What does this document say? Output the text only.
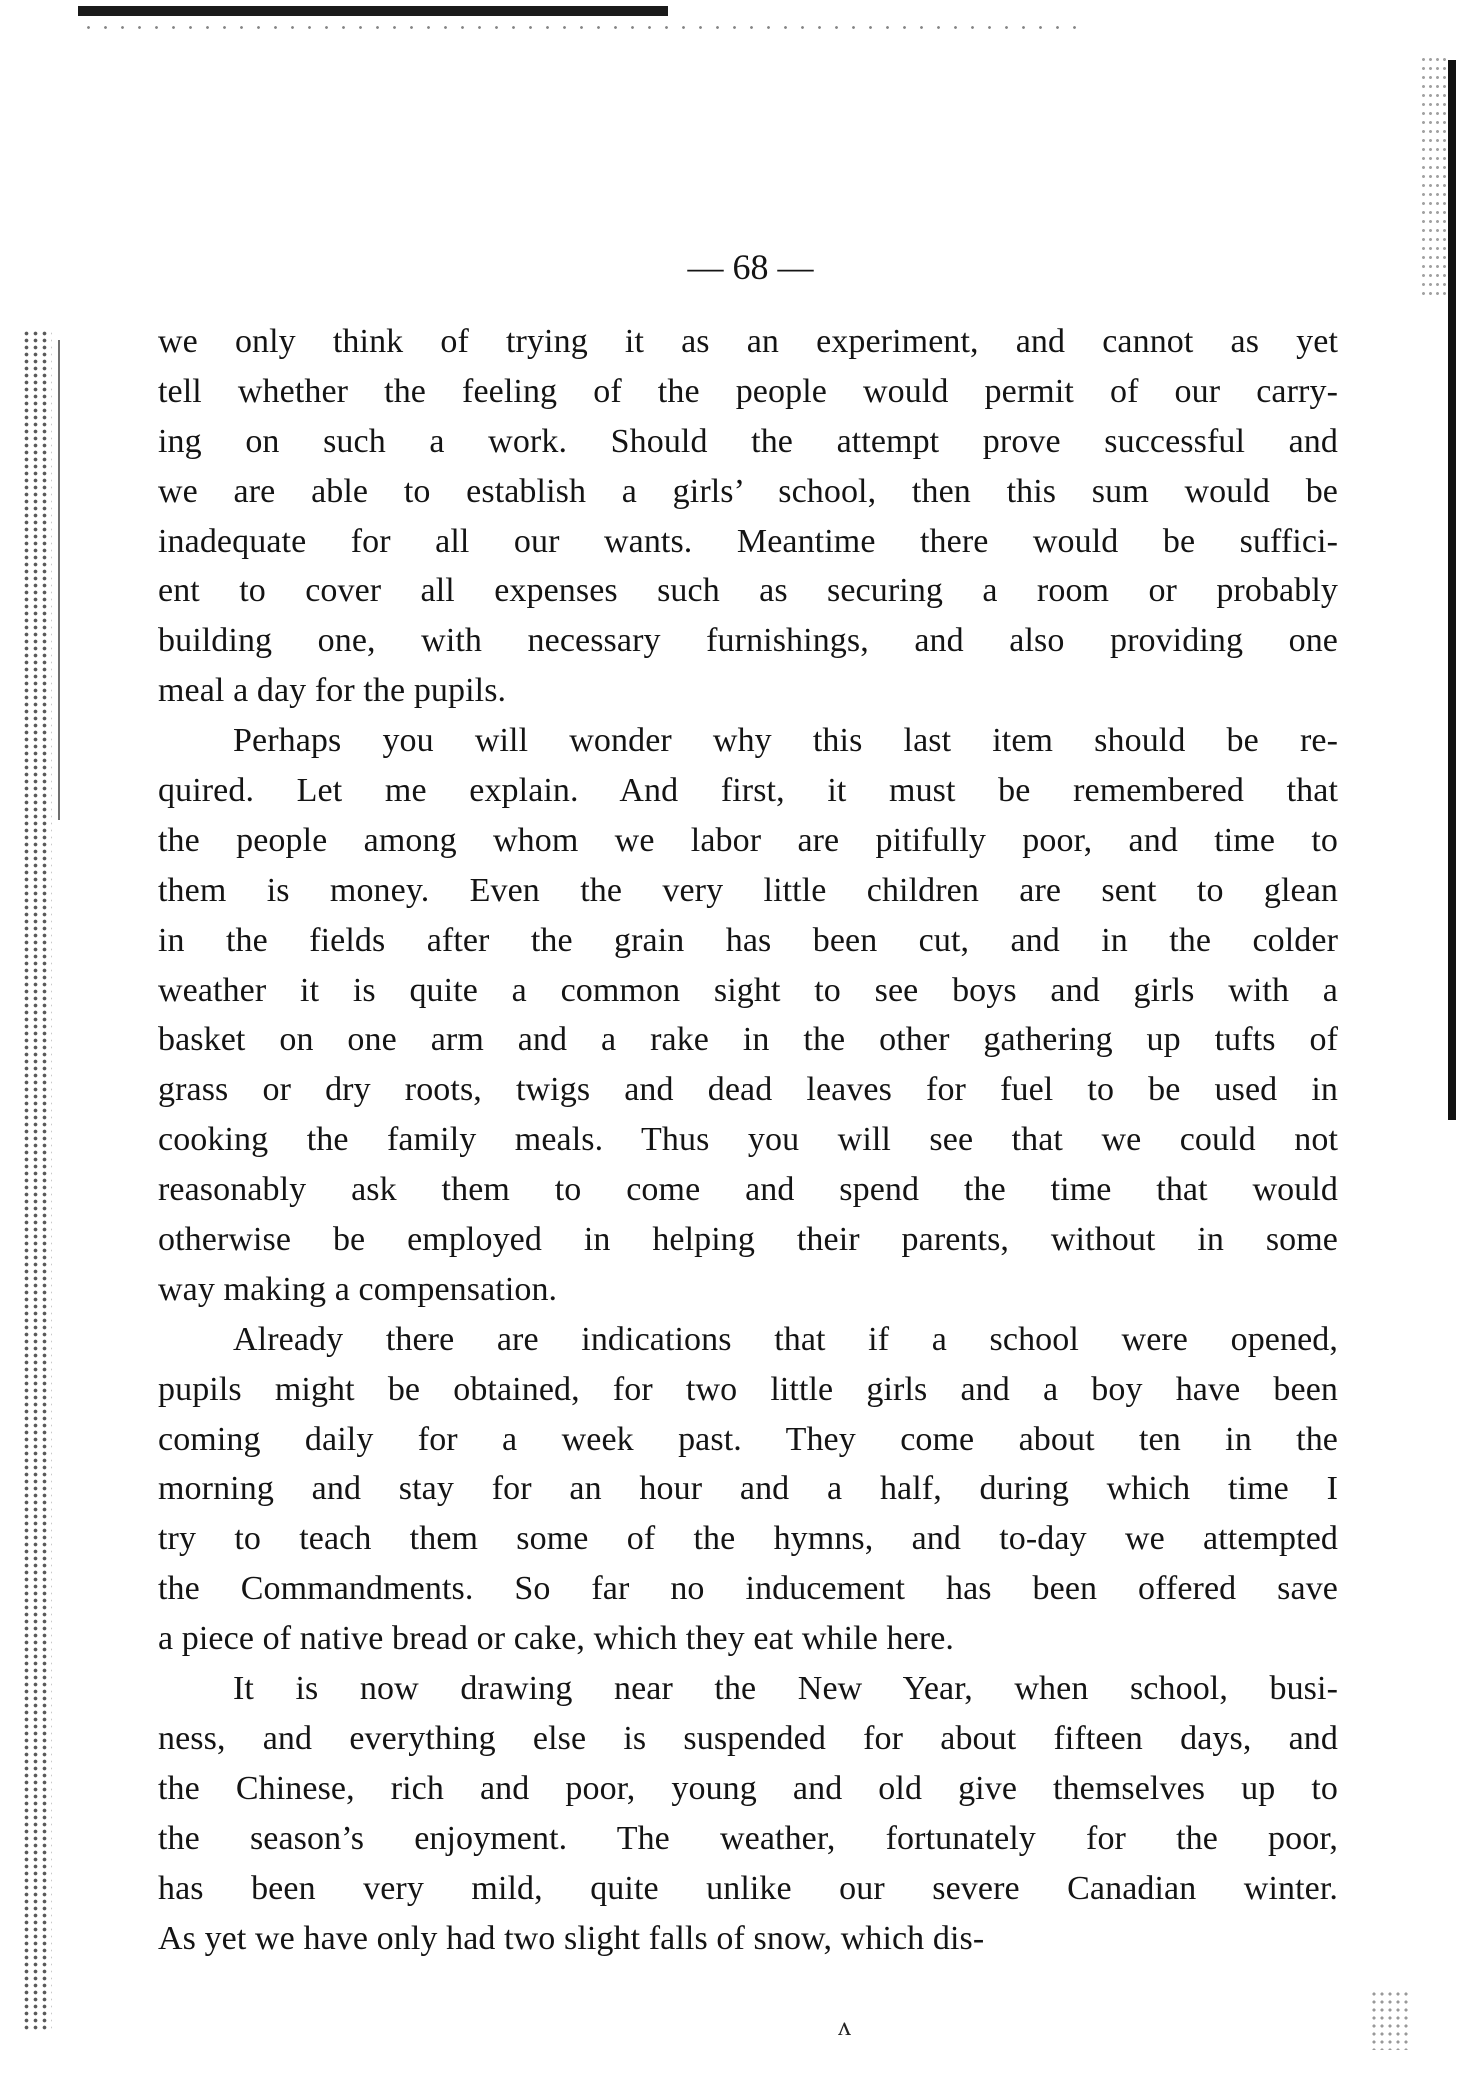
— 68 —
we only think of trying it as an experiment, and cannot as yet
tell whether the feeling of the people would permit of our carry-
ing on such a work. Should the attempt prove successful and
we are able to establish a girls’ school, then this sum would be
inadequate for all our wants. Meantime there would be suffici-
ent to cover all expenses such as securing a room or probably
building one, with necessary furnishings, and also providing one
meal a day for the pupils.
Perhaps you will wonder why this last item should be re-
quired. Let me explain. And first, it must be remembered that
the people among whom we labor are pitifully poor, and time to
them is money. Even the very little children are sent to glean
in the fields after the grain has been cut, and in the colder
weather it is quite a common sight to see boys and girls with a
basket on one arm and a rake in the other gathering up tufts of
grass or dry roots, twigs and dead leaves for fuel to be used in
cooking the family meals. Thus you will see that we could not
reasonably ask them to come and spend the time that would
otherwise be employed in helping their parents, without in some
way making a compensation.
Already there are indications that if a school were opened,
pupils might be obtained, for two little girls and a boy have been
coming daily for a week past. They come about ten in the
morning and stay for an hour and a half, during which time I
try to teach them some of the hymns, and to-day we attempted
the Commandments. So far no inducement has been offered save
a piece of native bread or cake, which they eat while here.
It is now drawing near the New Year, when school, busi-
ness, and everything else is suspended for about fifteen days, and
the Chinese, rich and poor, young and old give themselves up to
the season’s enjoyment. The weather, fortunately for the poor,
has been very mild, quite unlike our severe Canadian winter.
As yet we have only had two slight falls of snow, which dis-
ʌ
